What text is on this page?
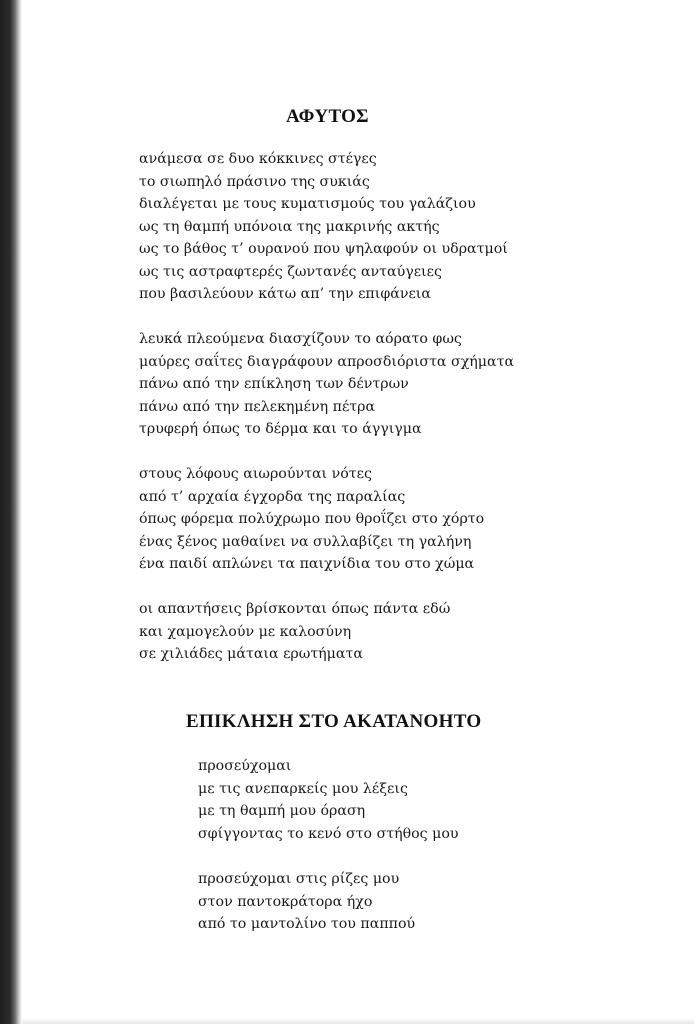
ΑΦΥΤΟΣ
ανάμεσα σε δυο κόκκινες στέγες
το σιωπηλό πράσινο της συκιάς
διαλέγεται με τους κυματισμούς του γαλάζιου
ως τη θαμπή υπόνοια της μακρινής ακτής
ως το βάθος τ’ ουρανού που ψηλαφούν οι υδρατμοί
ως τις αστραφτερές ζωντανές ανταύγειες
που βασιλεύουν κάτω απ’ την επιφάνεια
λευκά πλεούμενα διασχίζουν το αόρατο φως
μαύρες σαΐτες διαγράφουν απροσδιόριστα σχήματα
πάνω από την επίκληση των δέντρων
πάνω από την πελεκημένη πέτρα
τρυφερή όπως το δέρμα και το άγγιγμα
στους λόφους αιωρούνται νότες
από τ’ αρχαία έγχορδα της παραλίας
όπως φόρεμα πολύχρωμο που θροΐζει στο χόρτο
ένας ξένος μαθαίνει να συλλαβίζει τη γαλήνη
ένα παιδί απλώνει τα παιχνίδια του στο χώμα
οι απαντήσεις βρίσκονται όπως πάντα εδώ
και χαμογελούν με καλοσύνη
σε χιλιάδες μάταια ερωτήματα
ΕΠΙΚΛΗΣΗ ΣΤΟ ΑΚΑΤΑΝΟΗΤΟ
προσεύχομαι
με τις ανεπαρκείς μου λέξεις
με τη θαμπή μου όραση
σφίγγοντας το κενό στο στήθος μου
προσεύχομαι στις ρίζες μου
στον παντοκράτορα ήχο
από το μαντολίνο του παππού
